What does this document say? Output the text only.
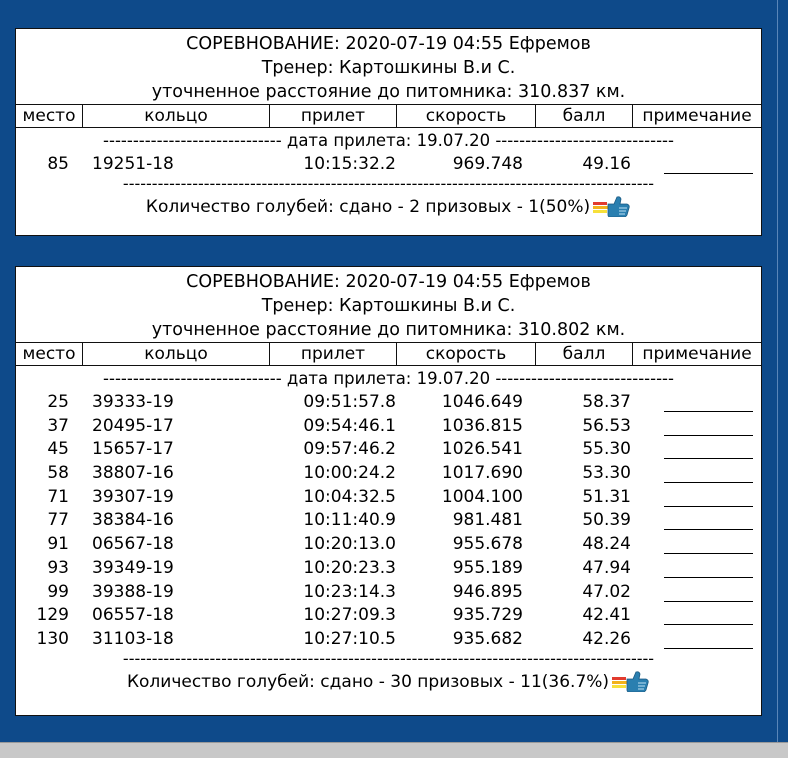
СОРЕВНОВАНИЕ: 2020-07-19 04:55 Ефремов
Тренер: Картошкины В.и С.
уточненное расстояние до питомника: 310.837 км.
место	кольцо	прилет	скорость	балл	примечание
------------------------------ дата прилета: 19.07.20 ------------------------------
85 19251-18	10:15:32.2	969.748	49.16
--------------------------------------------------------------------------------------------
Количество голубей: сдано - 2 призовых - 1(50%)
СОРЕВНОВАНИЕ: 2020-07-19 04:55 Ефремов
Тренер: Картошкины В.и С.
уточненное расстояние до питомника: 310.802 км.
место	кольцо	прилет	скорость	балл	примечание
------------------------------ дата прилета: 19.07.20 ------------------------------
25 39333-19	09:51:57.8	1046.649	58.37
37 20495-17	09:54:46.1	1036.815	56.53
45 15657-17	09:57:46.2	1026.541	55.30
58 38807-16	10:00:24.2	1017.690	53.30
71 39307-19	10:04:32.5	1004.100	51.31
77 38384-16	10:11:40.9	981.481	50.39
91 06567-18	10:20:13.0	955.678	48.24
93 39349-19	10:20:23.3	955.189	47.94
99 39388-19	10:23:14.3	946.895	47.02
129 06557-18	10:27:09.3	935.729	42.41
130 31103-18	10:27:10.5	935.682	42.26
--------------------------------------------------------------------------------------------
Количество голубей: сдано - 30 призовых - 11(36.7%)
